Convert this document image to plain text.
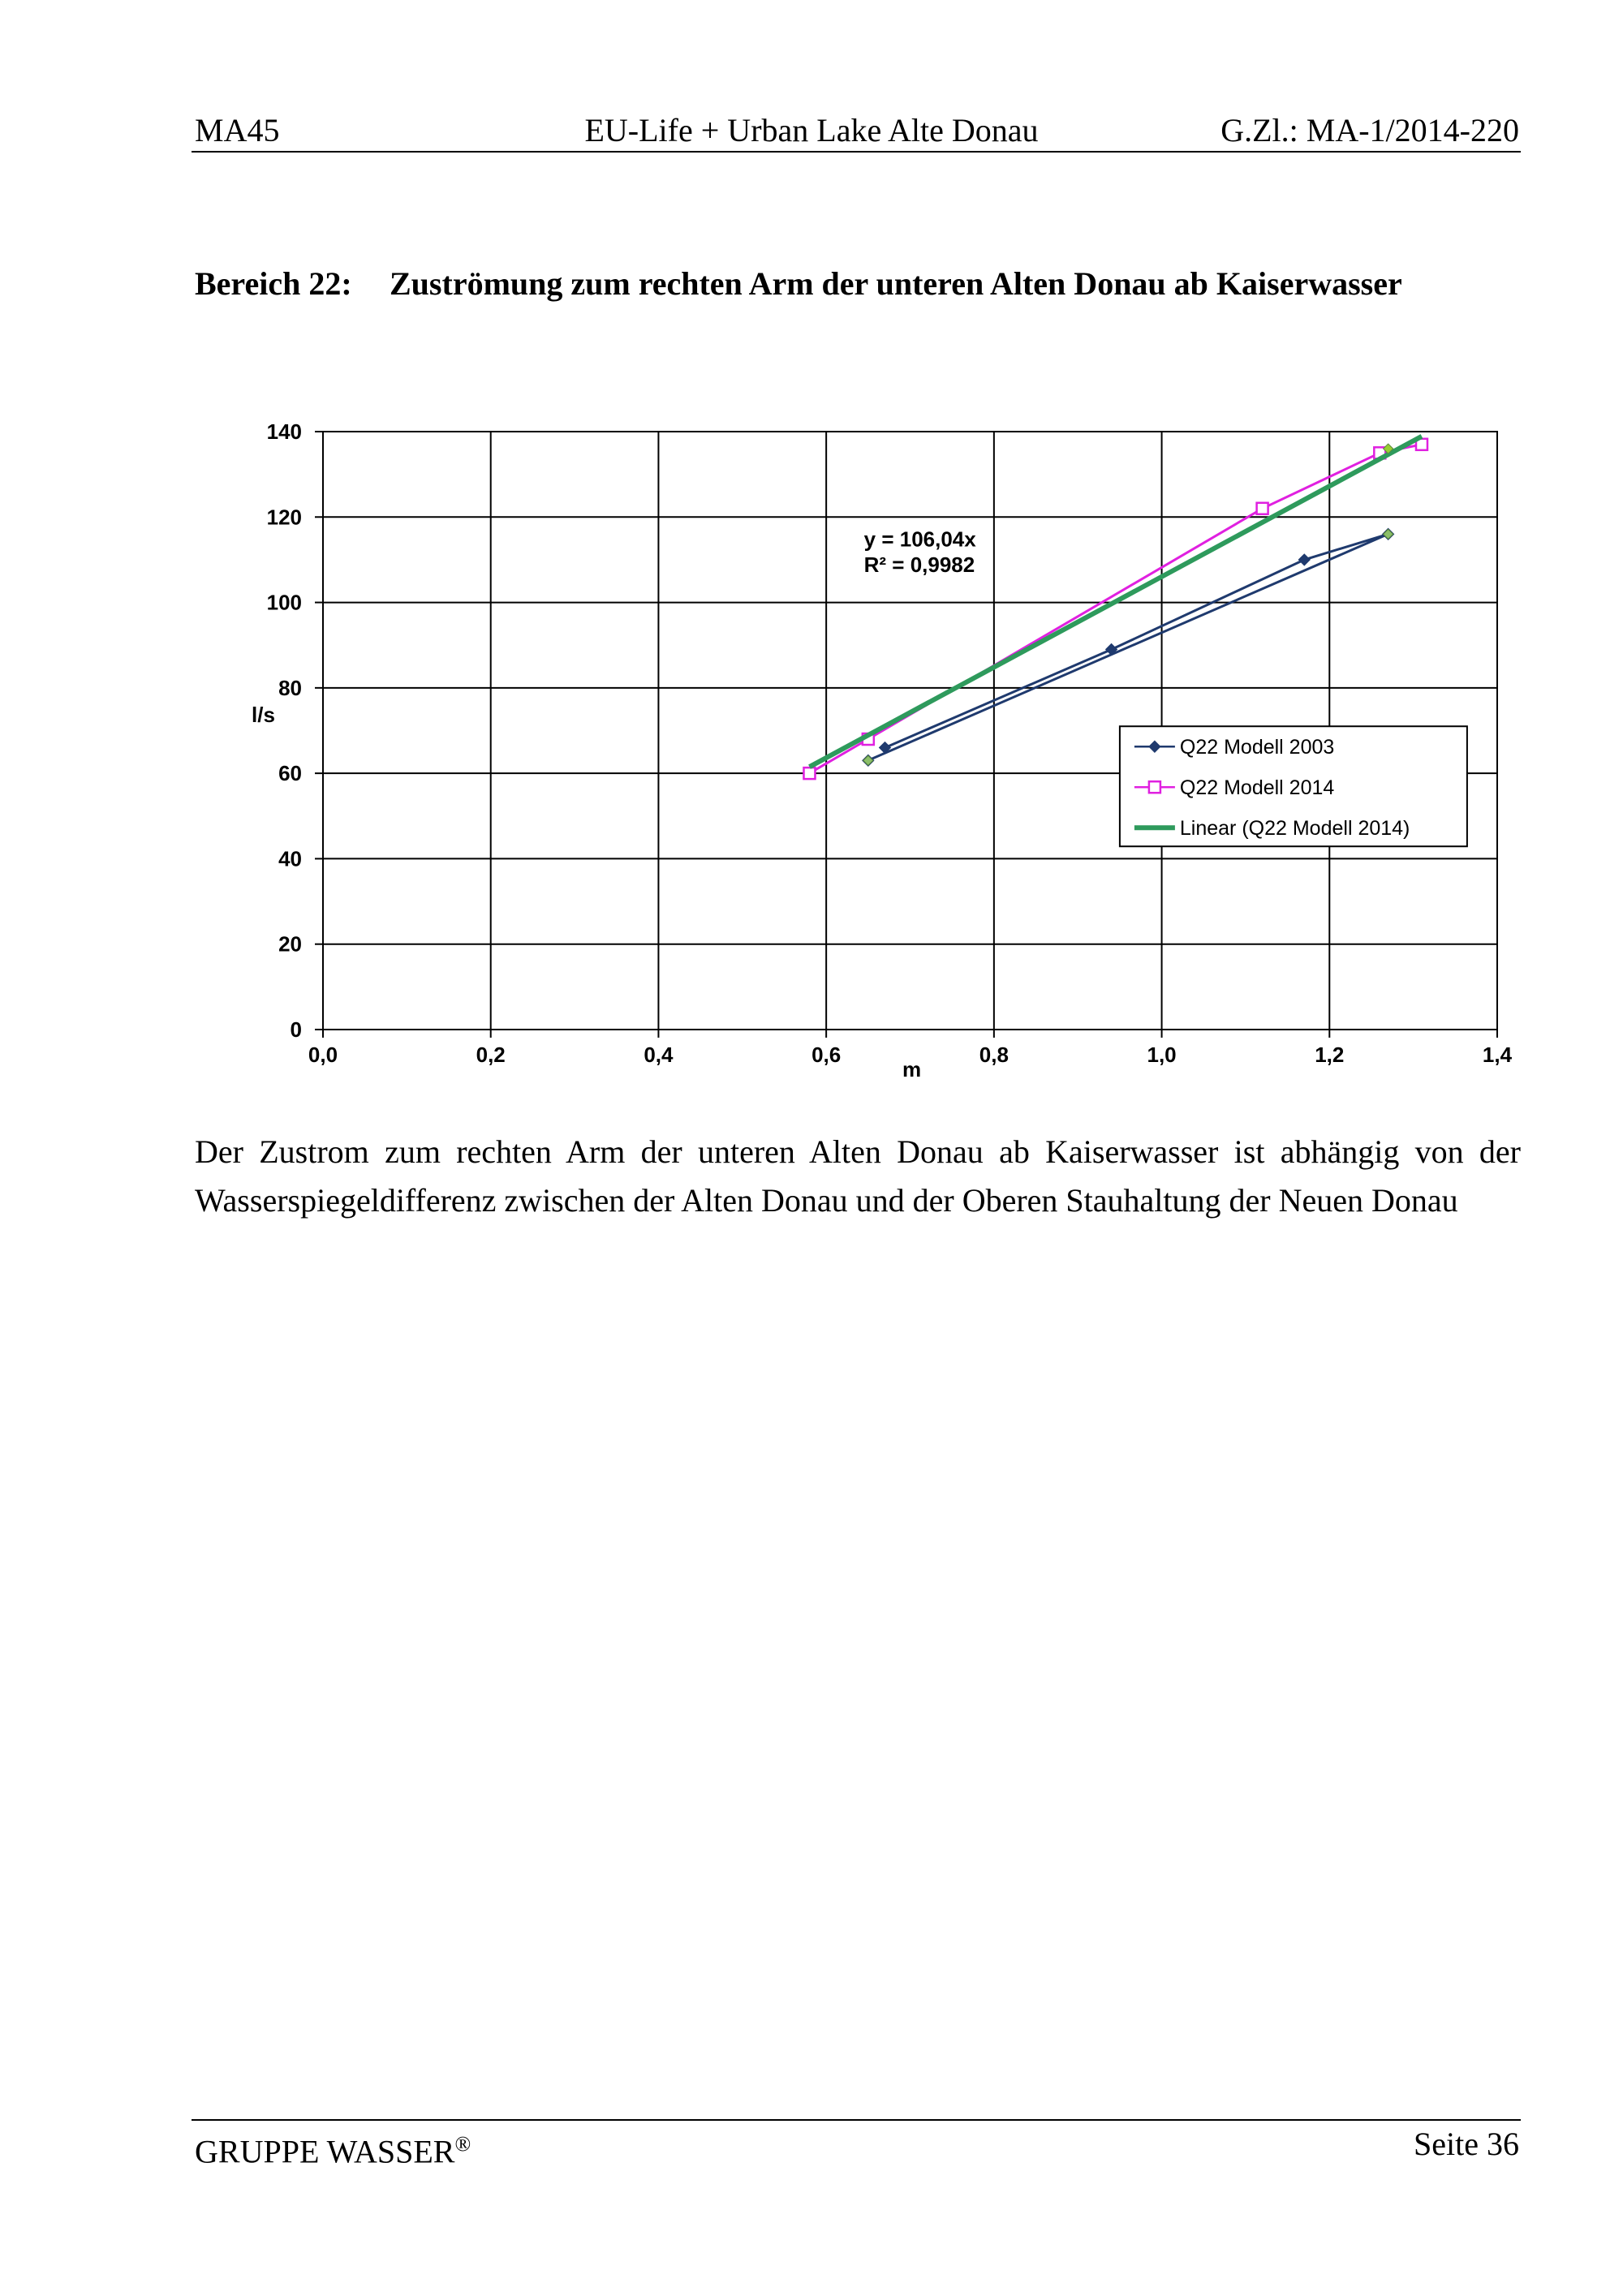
MA45	EU-Life + Urban Lake Alte Donau	G.Zl.: MA-1/2014-220
Bereich 22: Zuströmung zum rechten Arm der unteren Alten Donau ab Kaiserwasser
0
20
40
60
80
100
120
140
0,0	0,2	0,4	0,6	0,8	1,0	1,2	1,4
m
l/s
y = 106,04x
R² = 0,9982
Q22 Modell 2003
Q22 Modell 2014
Linear (Q22 Modell 2014)
Der Zustrom zum rechten Arm der unteren Alten Donau ab Kaiserwasser ist abhängig von der Wasserspiegeldifferenz zwischen der Alten Donau und der Oberen Stauhaltung der Neuen Donau
GRUPPE WASSER®	Seite 36
